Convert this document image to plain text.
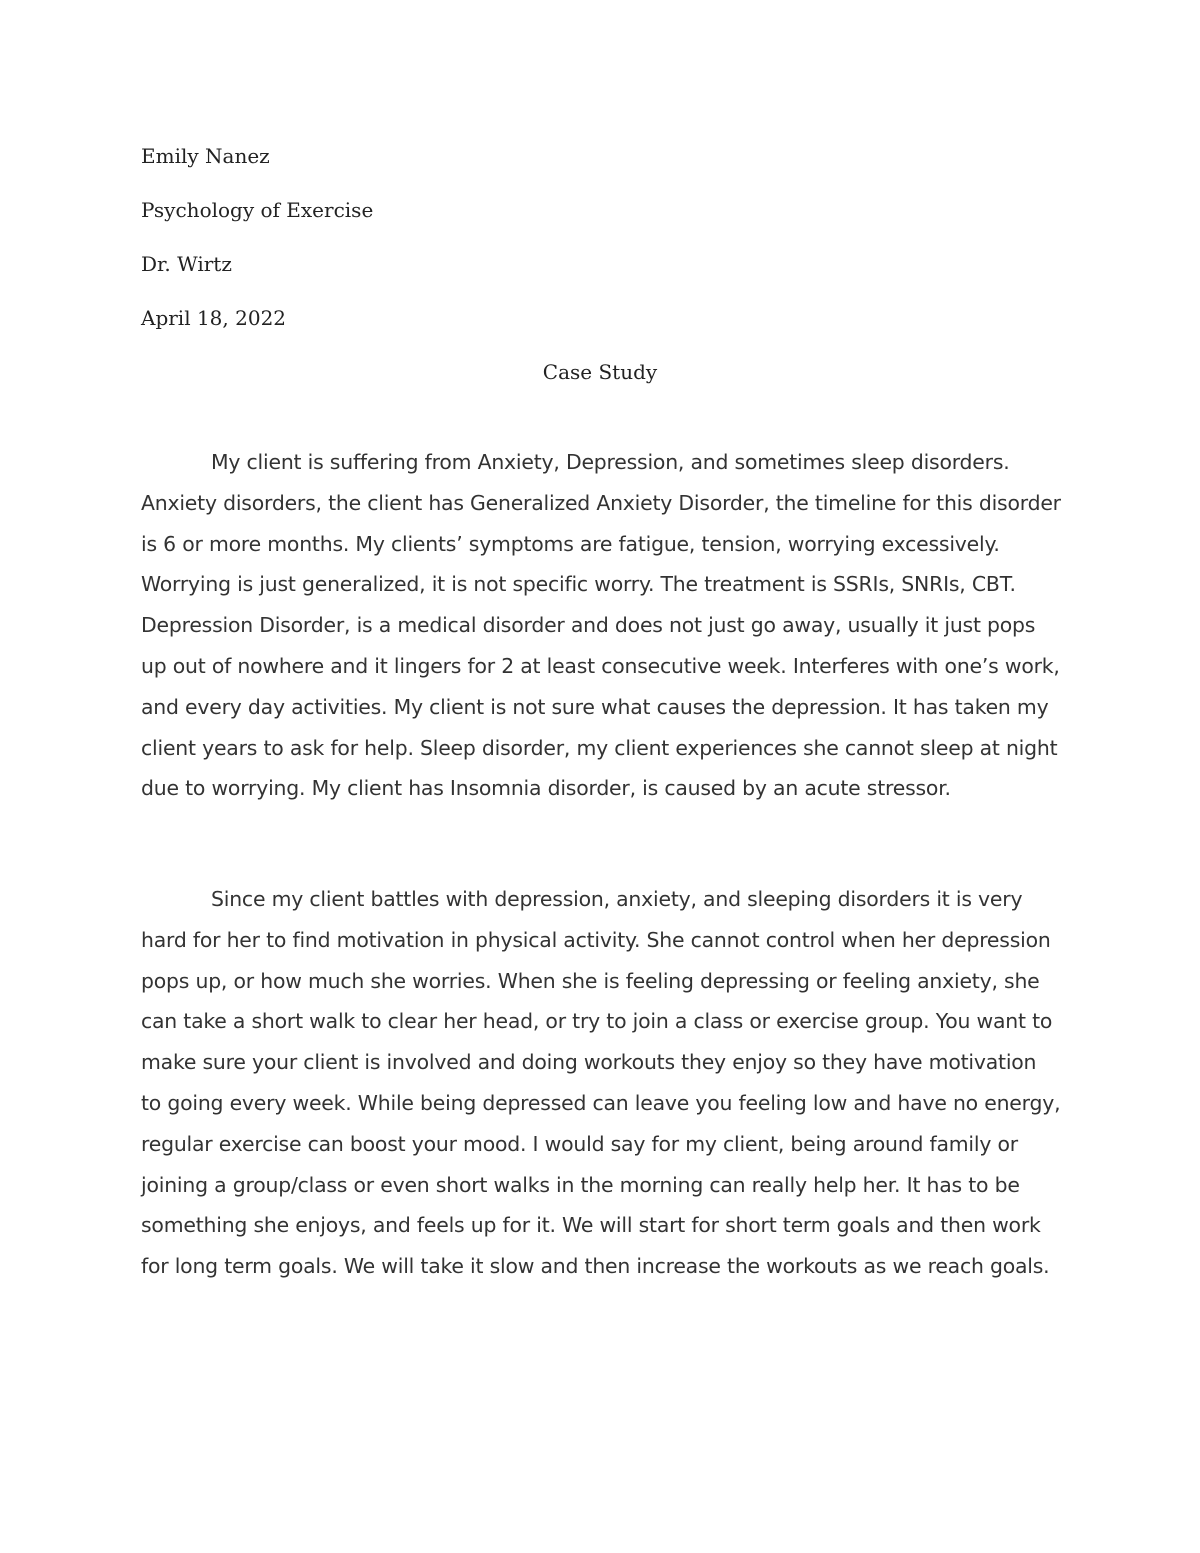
Emily Nanez
Psychology of Exercise
Dr. Wirtz
April 18, 2022
Case Study

My client is suffering from Anxiety, Depression, and sometimes sleep disorders. Anxiety disorders, the client has Generalized Anxiety Disorder, the timeline for this disorder is 6 or more months. My clients’ symptoms are fatigue, tension, worrying excessively. Worrying is just generalized, it is not specific worry. The treatment is SSRIs, SNRIs, CBT. Depression Disorder, is a medical disorder and does not just go away, usually it just pops up out of nowhere and it lingers for 2 at least consecutive week. Interferes with one’s work, and every day activities. My client is not sure what causes the depression. It has taken my client years to ask for help. Sleep disorder, my client experiences she cannot sleep at night due to worrying. My client has Insomnia disorder, is caused by an acute stressor.

Since my client battles with depression, anxiety, and sleeping disorders it is very hard for her to find motivation in physical activity. She cannot control when her depression pops up, or how much she worries. When she is feeling depressing or feeling anxiety, she can take a short walk to clear her head, or try to join a class or exercise group. You want to make sure your client is involved and doing workouts they enjoy so they have motivation to going every week. While being depressed can leave you feeling low and have no energy, regular exercise can boost your mood. I would say for my client, being around family or joining a group/class or even short walks in the morning can really help her. It has to be something she enjoys, and feels up for it. We will start for short term goals and then work for long term goals. We will take it slow and then increase the workouts as we reach goals.
